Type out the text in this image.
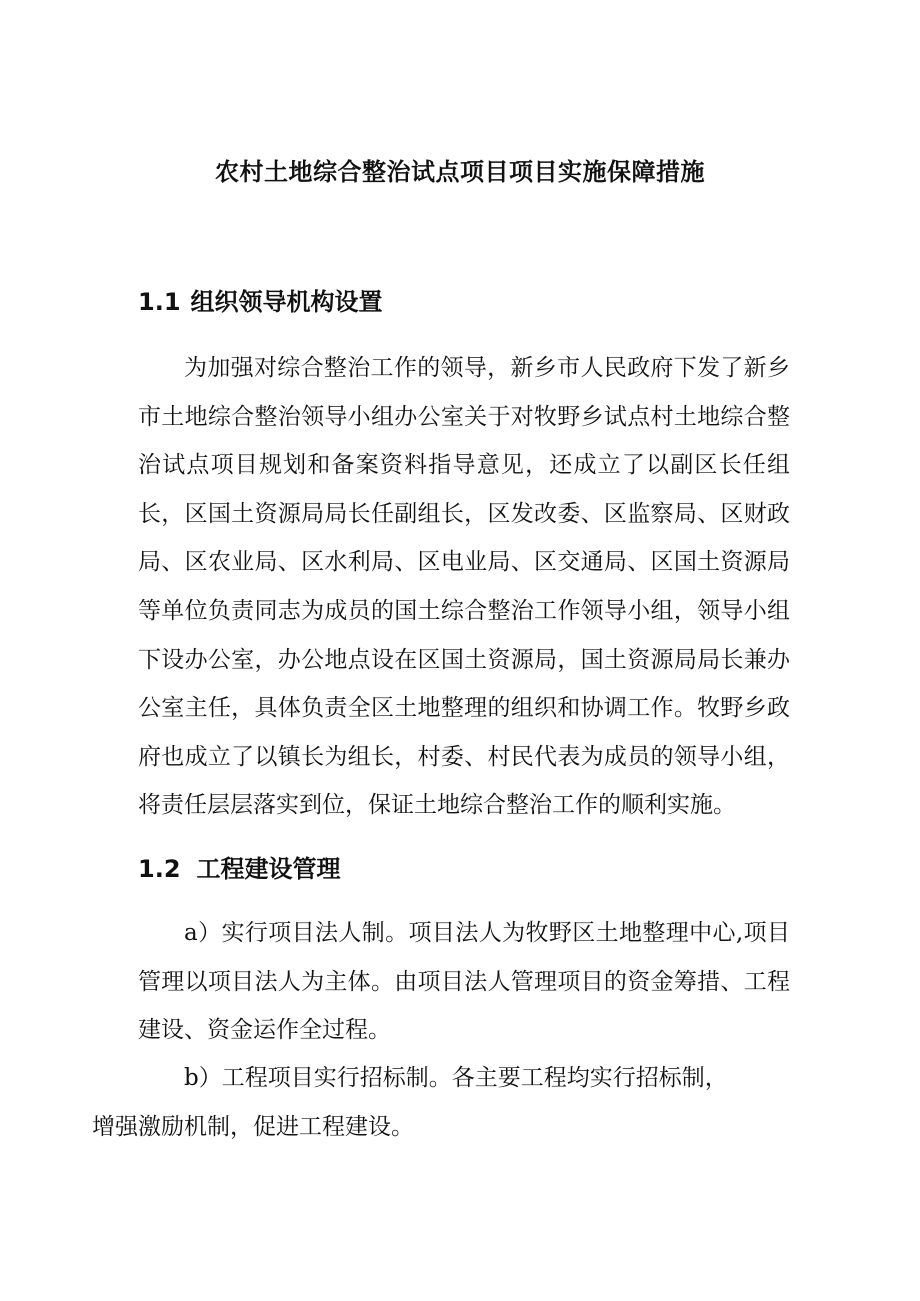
农村土地综合整治试点项目项目实施保障措施
1.1 组织领导机构设置

为加强对综合整治工作的领导，新乡市人民政府下发了新乡市土地综合整治领导小组办公室关于对牧野乡试点村土地综合整治试点项目规划和备案资料指导意见，还成立了以副区长任组长，区国土资源局局长任副组长，区发改委、区监察局、区财政局、区农业局、区水利局、区电业局、区交通局、区国土资源局等单位负责同志为成员的国土综合整治工作领导小组，领导小组下设办公室，办公地点设在区国土资源局，国土资源局局长兼办公室主任，具体负责全区土地整理的组织和协调工作。牧野乡政府也成立了以镇长为组长，村委、村民代表为成员的领导小组，将责任层层落实到位，保证土地综合整治工作的顺利实施。

1.2 工程建设管理

a）实行项目法人制。项目法人为牧野区土地整理中心,项目管理以项目法人为主体。由项目法人管理项目的资金筹措、工程建设、资金运作全过程。

b）工程项目实行招标制。各主要工程均实行招标制，
增强激励机制，促进工程建设。
